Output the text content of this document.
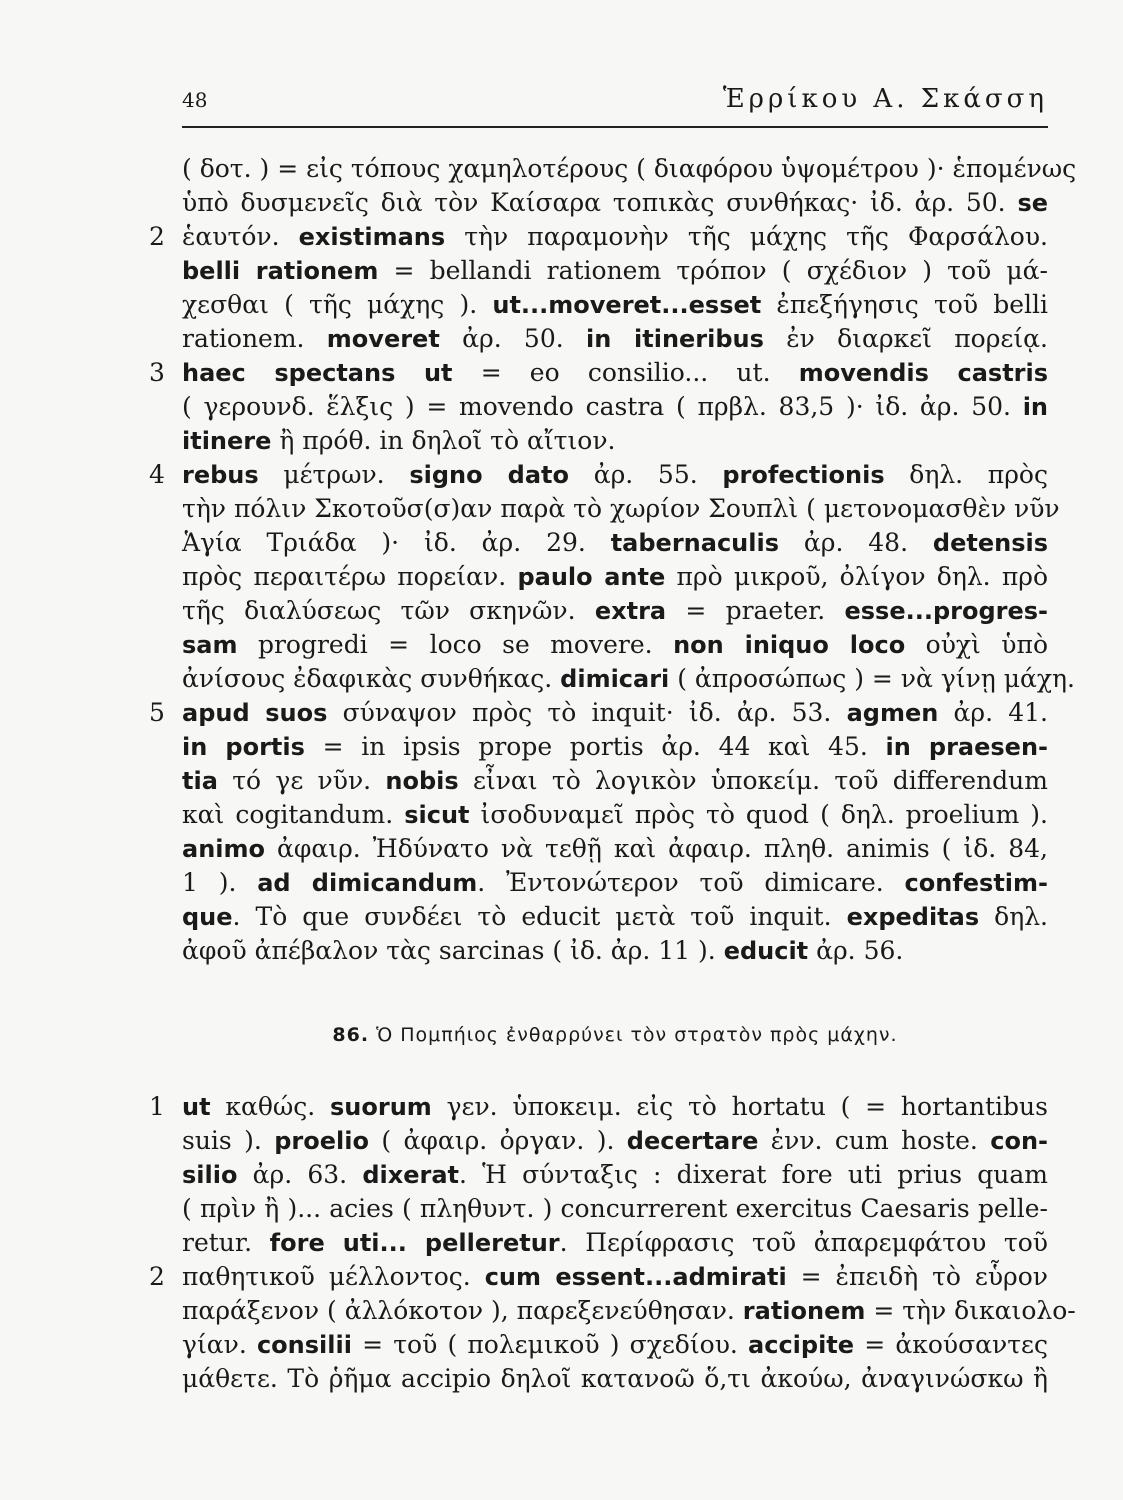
48	Ἑρρίκου Α. Σκάσση
( δοτ. ) = εἰς τόπους χαμηλοτέρους ( διαφόρου ὑψομέτρου )· ἑπομένως
ὑπὸ δυσμενεῖς διὰ τὸν Καίσαρα τοπικὰς συνθήκας· ἰδ. ἀρ. 50. se
2 ἑαυτόν. existimans τὴν παραμονὴν τῆς μάχης τῆς Φαρσάλου.
belli rationem = bellandi rationem τρόπον ( σχέδιον ) τοῦ μά-
χεσθαι ( τῆς μάχης ). ut...moveret...esset ἐπεξήγησις τοῦ belli
rationem. moveret ἀρ. 50. in itineribus ἐν διαρκεῖ πορείᾳ.
3 haec spectans ut = eo consilio... ut. movendis castris
( γερουνδ. ἕλξις ) = movendo castra ( πρβλ. 83,5 )· ἰδ. ἀρ. 50. in
itinere ἢ πρόθ. in δηλοῖ τὸ αἴτιον.
4 rebus μέτρων. signo dato ἀρ. 55. profectionis δηλ. πρὸς
τὴν πόλιν Σκοτοῦσ(σ)αν παρὰ τὸ χωρίον Σουπλὶ ( μετονομασθὲν νῦν
Ἁγία Τριάδα )· ἰδ. ἀρ. 29. tabernaculis ἀρ. 48. detensis
πρὸς περαιτέρω πορείαν. paulo ante πρὸ μικροῦ, ὀλίγον δηλ. πρὸ
τῆς διαλύσεως τῶν σκηνῶν. extra = praeter. esse...progres-
sam progredi = loco se movere. non iniquo loco οὐχὶ ὑπὸ
ἀνίσους ἐδαφικὰς συνθήκας. dimicari ( ἀπροσώπως ) = νὰ γίνῃ μάχη.
5 apud suos σύναψον πρὸς τὸ inquit· ἰδ. ἀρ. 53. agmen ἀρ. 41.
in portis = in ipsis prope portis ἀρ. 44 καὶ 45. in praesen-
tia τό γε νῦν. nobis εἶναι τὸ λογικὸν ὑποκείμ. τοῦ differendum
καὶ cogitandum. sicut ἰσοδυναμεῖ πρὸς τὸ quod ( δηλ. proelium ).
animo ἀφαιρ. Ἠδύνατο νὰ τεθῇ καὶ ἀφαιρ. πληθ. animis ( ἰδ. 84,
1 ). ad dimicandum. Ἐντονώτερον τοῦ dimicare. confestim-
que. Τὸ que συνδέει τὸ educit μετὰ τοῦ inquit. expeditas δηλ.
ἀφοῦ ἀπέβαλον τὰς sarcinas ( ἰδ. ἀρ. 11 ). educit ἀρ. 56.
86. Ὁ Πομπήιος ἐνθαρρύνει τὸν στρατὸν πρὸς μάχην.
1 ut καθώς. suorum γεν. ὑποκειμ. εἰς τὸ hortatu ( = hortantibus
suis ). proelio ( ἀφαιρ. ὀργαν. ). decertare ἐνν. cum hoste. con-
silio ἀρ. 63. dixerat. Ἡ σύνταξις : dixerat fore uti prius quam
( πρὶν ἢ )... acies ( πληθυντ. ) concurrerent exercitus Caesaris pelle-
retur. fore uti... pelleretur. Περίφρασις τοῦ ἀπαρεμφάτου τοῦ
2 παθητικοῦ μέλλοντος. cum essent...admirati = ἐπειδὴ τὸ εὗρον
παράξενον ( ἀλλόκοτον ), παρεξενεύθησαν. rationem = τὴν δικαιολο-
γίαν. consilii = τοῦ ( πολεμικοῦ ) σχεδίου. accipite = ἀκούσαντες
μάθετε. Τὸ ῥῆμα accipio δηλοῖ κατανοῶ ὅ,τι ἀκούω, ἀναγινώσκω ἢ
